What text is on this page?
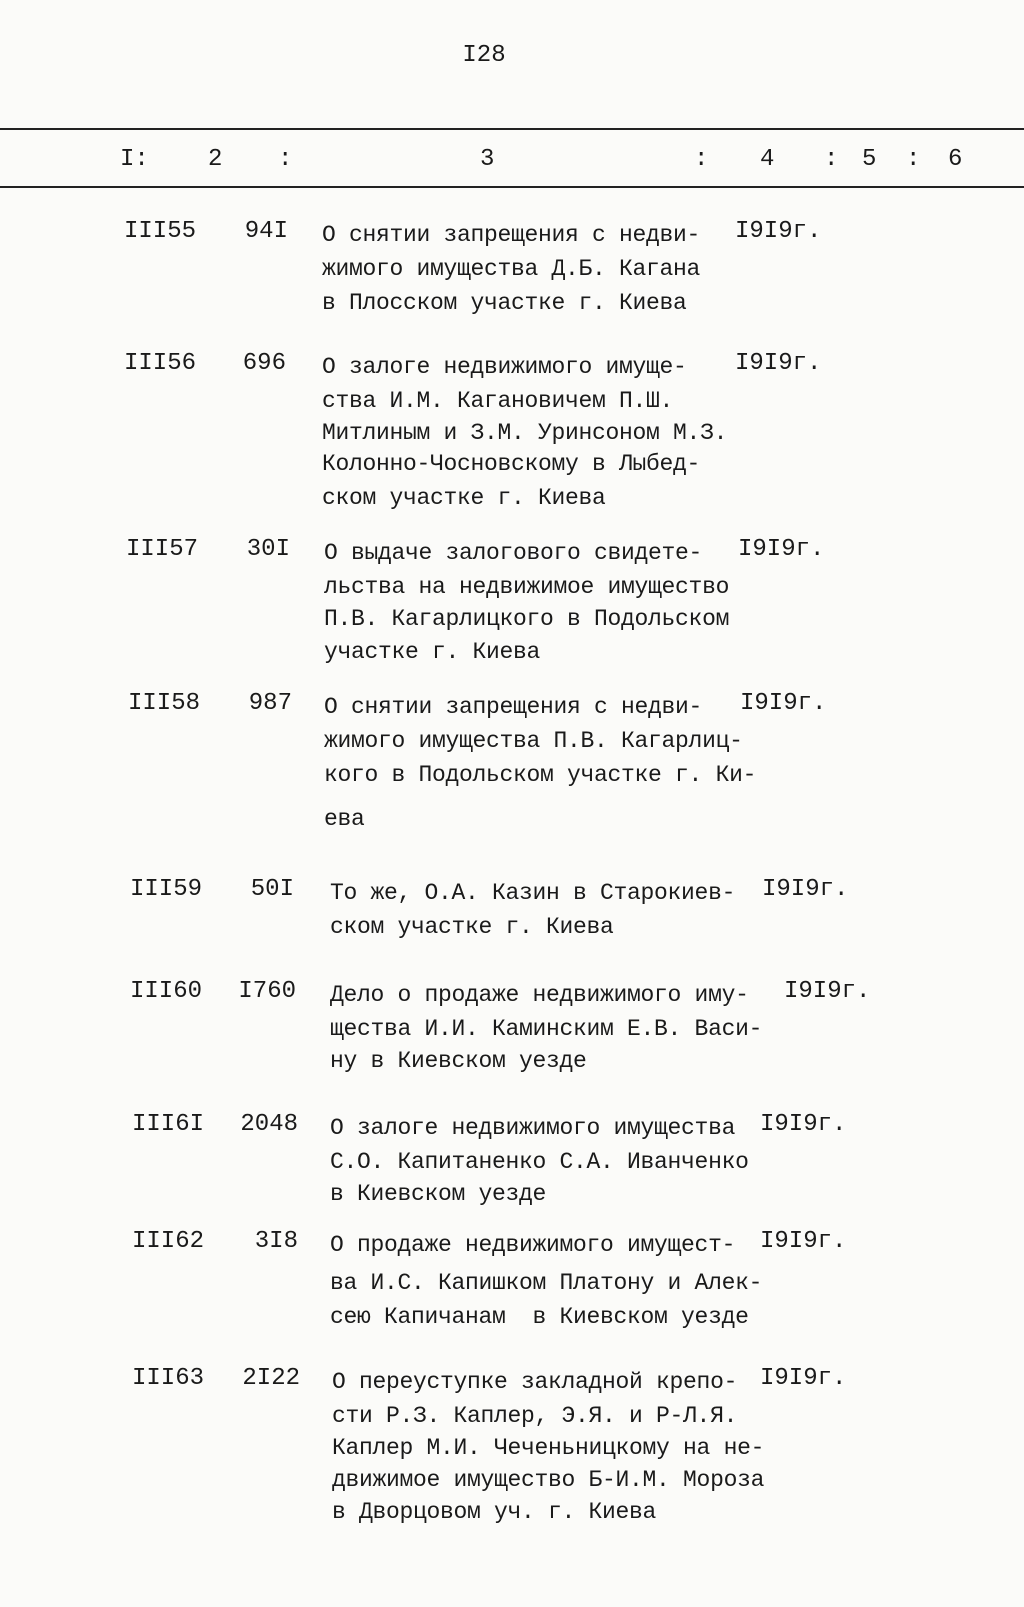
I28
I: 2 :	3	: 4 : 5 : 6
III55	94I О снятии запрещения с недви-
жимого имущества Д.Б. Кагана
в Плосском участке г. Киева
I9I9г.
III56	696 О залоге недвижимого имуще-
ства И.М. Кагановичем П.Ш.
Митлиным и З.М. Уринсоном М.З.
Колонно-Чосновскому в Лыбед-
ском участке г. Киева
I9I9г.
III57	30I О выдаче залогового свидете-
льства на недвижимое имущество
П.В. Кагарлицкого в Подольском
участке г. Киева
I9I9г.
III58	987 О снятии запрещения с недви-
жимого имущества П.В. Кагарлиц-
кого в Подольском участке г. Ки-
ева
I9I9г.
III59	50I То же, О.А. Казин в Старокиев-
ском участке г. Киева
I9I9г.
III60	I760 Дело о продаже недвижимого иму-
щества И.И. Каминским Е.В. Васи-
ну в Киевском уезде
I9I9г.
III6I	2048 О залоге недвижимого имущества
С.О. Капитаненко С.А. Иванченко
в Киевском уезде
I9I9г.
III62	3I8 О продаже недвижимого имущест-
ва И.С. Капишком Платону и Алек-
сею Капичанам  в Киевском уезде
I9I9г.
III63	2I22 О переуступке закладной крепо-
сти Р.З. Каплер, Э.Я. и Р-Л.Я.
Каплер М.И. Чеченьницкому на не-
движимое имущество Б-И.М. Мороза
в Дворцовом уч. г. Киева
I9I9г.
